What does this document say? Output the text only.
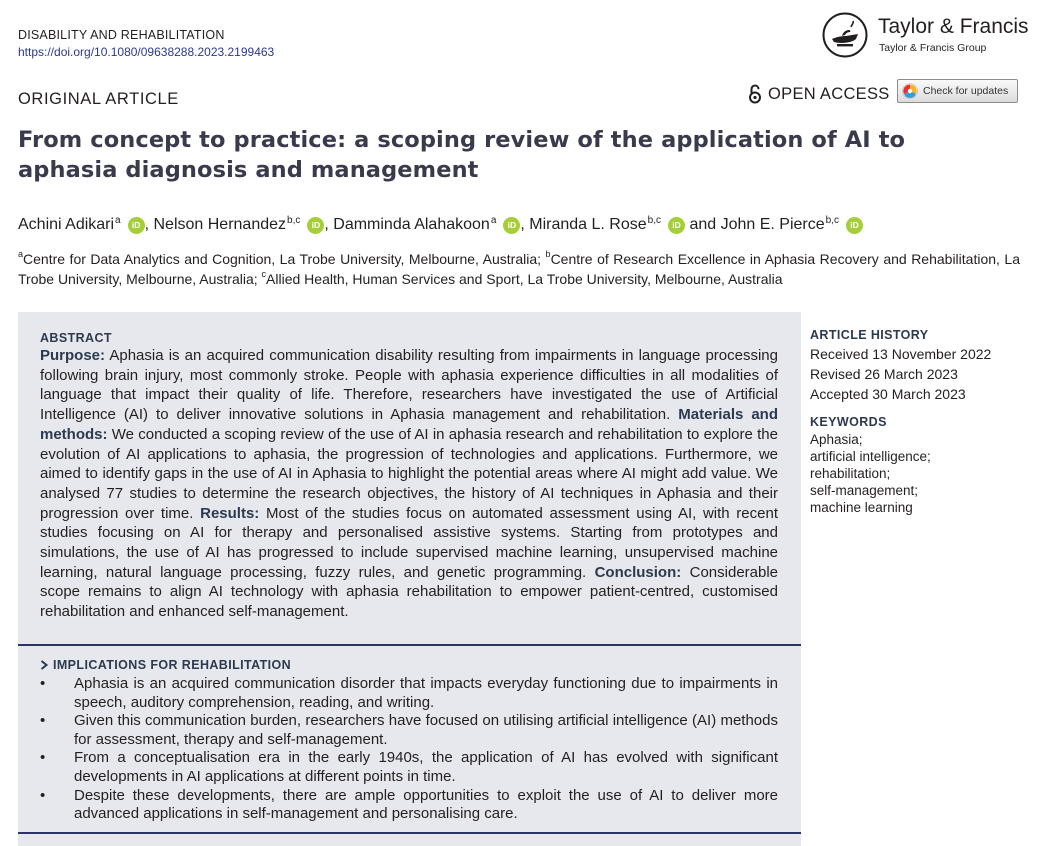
DISABILITY AND REHABILITATION
https://doi.org/10.1080/09638288.2023.2199463
Taylor & Francis
Taylor & Francis Group
ORIGINAL ARTICLE	OPEN ACCESS	Check for updates
From concept to practice: a scoping review of the application of AI to aphasia diagnosis and management
Achini Adikari$^a$	iD , Nelson Hernandez$^{b,c}$	iD , Damminda Alahakoon$^a$	iD , Miranda L. Rose$^{b,c}$	iD and John E. Pierce$^{b,c}$	iD
$^a$Centre for Data Analytics and Cognition, La Trobe University, Melbourne, Australia; $^b$Centre of Research Excellence in Aphasia Recovery and Rehabilitation, La Trobe University, Melbourne, Australia; $^c$Allied Health, Human Services and Sport, La Trobe University, Melbourne, Australia
ABSTRACT

Purpose: Aphasia is an acquired communication disability resulting from impairments in language processing following brain injury, most commonly stroke. People with aphasia experience difficulties in all modalities of language that impact their quality of life. Therefore, researchers have investigated the use of Artificial Intelligence (AI) to deliver innovative solutions in Aphasia management and rehabilitation. Materials and methods: We conducted a scoping review of the use of AI in aphasia research and rehabilitation to explore the evolution of AI applications to aphasia, the progression of technologies and applications. Furthermore, we aimed to identify gaps in the use of AI in Aphasia to highlight the potential areas where AI might add value. We analysed 77 studies to determine the research objectives, the history of AI techniques in Aphasia and their progression over time. Results: Most of the studies focus on automated assessment using AI, with recent studies focusing on AI for therapy and personalised assistive systems. Starting from prototypes and simulations, the use of AI has progressed to include supervised machine learning, unsupervised machine learning, natural language processing, fuzzy rules, and genetic programming. Conclusion: Considerable scope remains to align AI technology with aphasia rehabilitation to empower patient-centred, customised rehabilitation and enhanced self-management.

IMPLICATIONS FOR REHABILITATION
• Aphasia is an acquired communication disorder that impacts everyday functioning due to impairments in speech, auditory comprehension, reading, and writing.
• Given this communication burden, researchers have focused on utilising artificial intelligence (AI) methods for assessment, therapy and self-management.
• From a conceptualisation era in the early 1940s, the application of AI has evolved with significant developments in AI applications at different points in time.
• Despite these developments, there are ample opportunities to exploit the use of AI to deliver more advanced applications in self-management and personalising care.
ARTICLE HISTORY
Received 13 November 2022
Revised 26 March 2023
Accepted 30 March 2023
KEYWORDS
Aphasia;
artificial intelligence;
rehabilitation;
self-management;
machine learning
